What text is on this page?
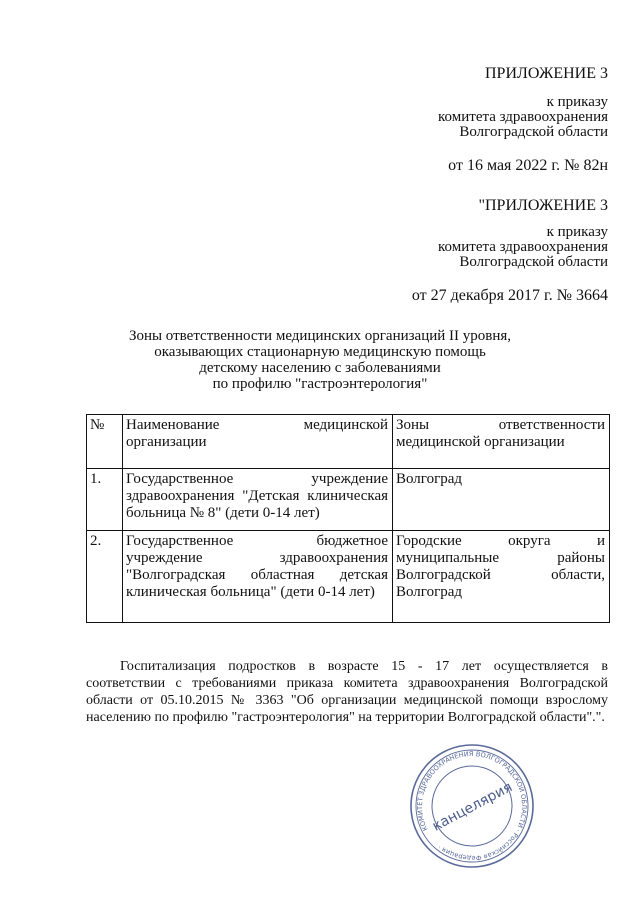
ПРИЛОЖЕНИЕ 3
к приказу
комитета здравоохранения
Волгоградской области
от 16 мая 2022 г. № 82н
"ПРИЛОЖЕНИЕ 3
к приказу
комитета здравоохранения
Волгоградской области
от 27 декабря 2017 г. № 3664
Зоны ответственности медицинских организаций II уровня,
оказывающих стационарную медицинскую помощь
детскому населению с заболеваниями
по профилю "гастроэнтерология"
№	Наименование медицинской организации	Зоны ответственности медицинской организации
1.	Государственное учреждение здравоохранения "Детская клиническая больница № 8" (дети 0-14 лет)	Волгоград
2.	Государственное бюджетное учреждение здравоохранения "Волгоградская областная детская клиническая больница" (дети 0-14 лет)	Городские округа и муниципальные районы Волгоградской области, Волгоград

Госпитализация подростков в возрасте 15 - 17 лет осуществляется в соответствии с требованиями приказа комитета здравоохранения Волгоградской области от 05.10.2015 № 3363 "Об организации медицинской помощи взрослому населению по профилю "гастроэнтерология" на территории Волгоградской области".".

КОМИТЕТ ЗДРАВООХРАНЕНИЯ ВОЛГОГРАДСКОЙ ОБЛАСТИ · Российская Федерация ·
канцелярия
